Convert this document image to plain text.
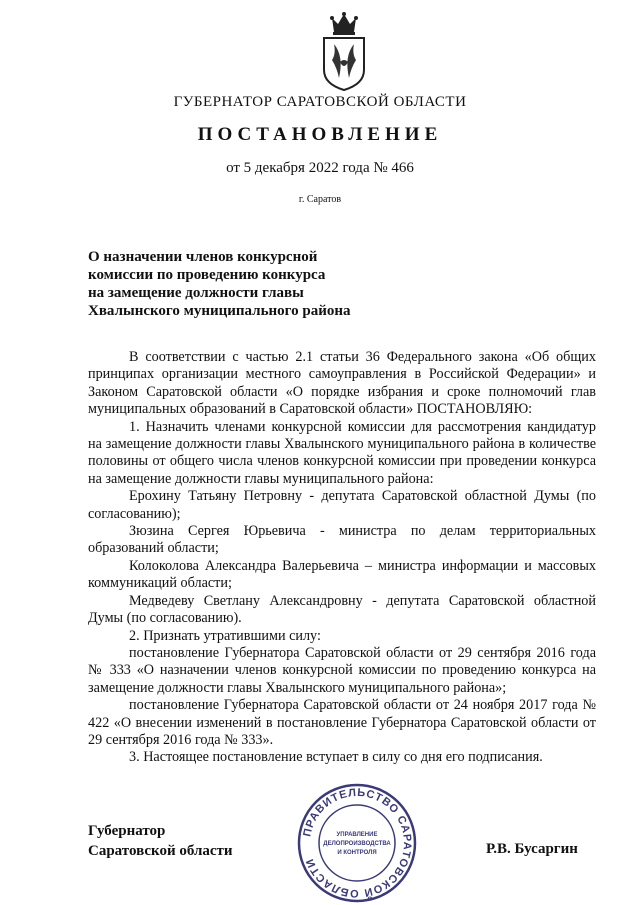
ГУБЕРНАТОР САРАТОВСКОЙ ОБЛАСТИ
ПОСТАНОВЛЕНИЕ
от 5 декабря 2022 года № 466
г. Саратов
О назначении членов конкурсной
комиссии по проведению конкурса
на замещение должности главы
Хвалынского муниципального района

В соответствии с частью 2.1 статьи 36 Федерального закона «Об общих принципах организации местного самоуправления в Российской Федерации» и Законом Саратовской области «О порядке избрания и сроке полномочий глав муниципальных образований в Саратовской области» ПОСТАНОВЛЯЮ:

1. Назначить членами конкурсной комиссии для рассмотрения кандидатур на замещение должности главы Хвалынского муниципального района в количестве половины от общего числа членов конкурсной комиссии при проведении конкурса на замещение должности главы муниципального района:

Ерохину Татьяну Петровну - депутата Саратовской областной Думы (по согласованию);

Зюзина Сергея Юрьевича - министра по делам территориальных образований области;

Колоколова Александра Валерьевича – министра информации и массовых коммуникаций области;

Медведеву Светлану Александровну - депутата Саратовской областной Думы (по согласованию).

2. Признать утратившими силу:

постановление Губернатора Саратовской области от 29 сентября 2016 года № 333 «О назначении членов конкурсной комиссии по проведению конкурса на замещение должности главы Хвалынского муниципального района»;

постановление Губернатора Саратовской области от 24 ноября 2017 года № 422 «О внесении изменений в постановление Губернатора Саратовской области от 29 сентября 2016 года № 333».

3. Настоящее постановление вступает в силу со дня его подписания.

Губернатор
Саратовской области
ПРАВИТЕЛЬСТВО САРАТОВСКОЙ ОБЛАСТИ
УПРАВЛЕНИЕ
ДЕЛОПРОИЗВОДСТВА
И КОНТРОЛЯ	Р.В. Бусаргин
